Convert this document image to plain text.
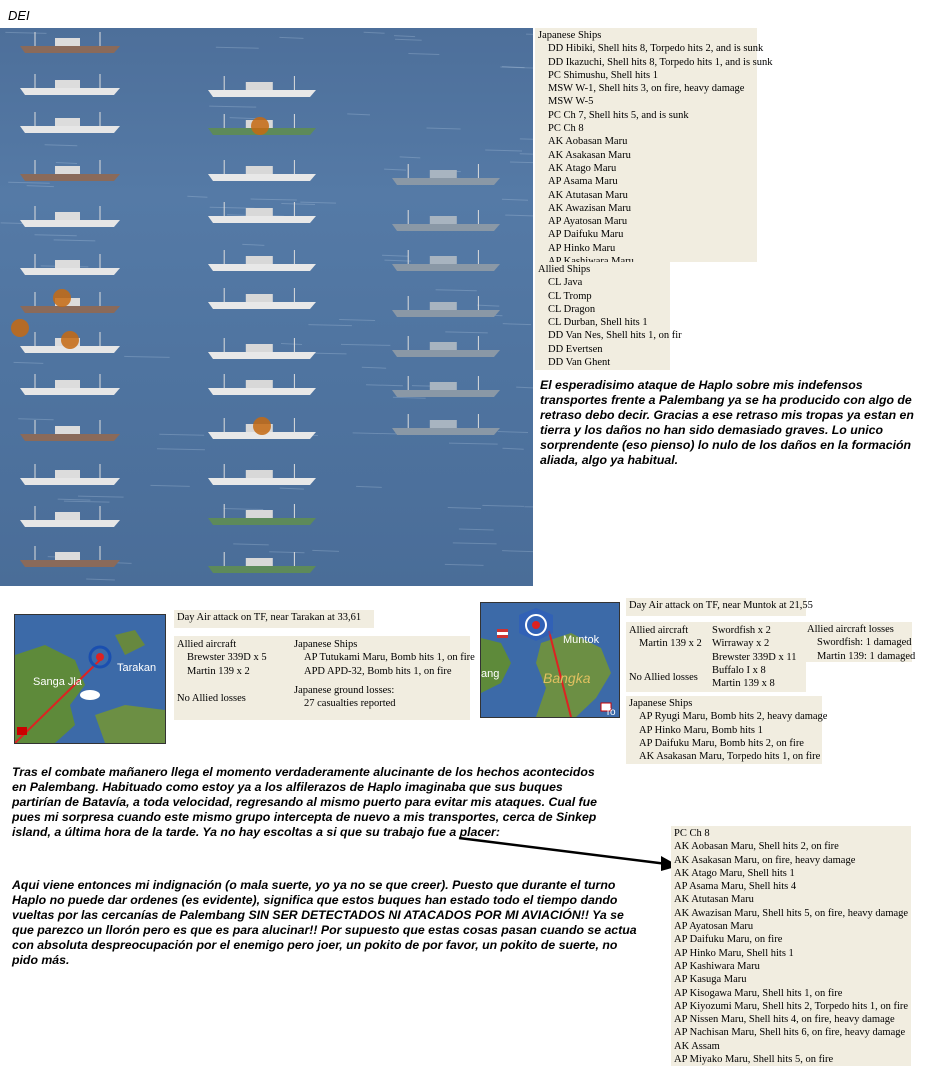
DEI
Japanese Ships
DD Hibiki, Shell hits 8, Torpedo hits 2, and is sunk
DD Ikazuchi, Shell hits 8, Torpedo hits 1, and is sunk
PC Shimushu, Shell hits 1
MSW W-1, Shell hits 3, on fire, heavy damage
MSW W-5
PC Ch 7, Shell hits 5, and is sunk
PC Ch 8
AK Aobasan Maru
AK Asakasan Maru
AK Atago Maru
AP Asama Maru
AK Atutasan Maru
AK Awazisan Maru
AP Ayatosan Maru
AP Daifuku Maru
AP Hinko Maru
Allied Ships
CL Java
CL Tromp
CL Dragon
CL Durban, Shell hits 1
DD Van Nes, Shell hits 1, on fir
DD Evertsen
DD Van Ghent
El esperadisimo ataque de Haplo sobre mis indefensos transportes frente a Palembang ya se ha producido con algo de retraso debo decir. Gracias a ese retraso mis tropas ya estan en tierra y los daños no han sido demasiado graves. Lo unico sorprendente (eso pienso) lo nulo de los daños en la formación aliada, algo ya habitual.
Tarakan
Sanga Jla
Day Air attack on TF, near Tarakan at 33,61
Allied aircraft
Brewster 339D x 5
Martin 139 x 2
No Allied losses
Japanese Ships
AP Tutukami Maru, Bomb hits 1, on fire
APD APD-32, Bomb hits 1, on fire
Japanese ground losses:
27 casualties reported
Muntok
Bangka
ang
To
Day Air attack on TF, near Muntok at 21,55
Allied aircraft
Martin 139 x 2
No Allied losses
Swordfish x 2
Wirraway x 2
Brewster 339D x 11
Buffalo I x 8
Martin 139 x 8
Allied aircraft losses
Swordfish: 1 damaged
Martin 139: 1 damaged
Japanese Ships
AP Ryugi Maru, Bomb hits 2, heavy damage
AP Hinko Maru, Bomb hits 1
AP Daifuku Maru, Bomb hits 2, on fire
AK Asakasan Maru, Torpedo hits 1, on fire
Tras el combate mañanero llega el momento verdaderamente alucinante de los hechos acontecidos en Palembang. Habituado como estoy ya a los alfilerazos de Haplo imaginaba que sus buques partirían de Batavía, a toda velocidad, regresando al mismo puerto para evitar mis ataques. Cual fue pues mi sorpresa cuando este mismo grupo intercepta de nuevo a mis transportes, cerca de Sinkep island, a última hora de la tarde. Ya no hay escoltas a si que su trabajo fue a placer:
Aqui viene entonces mi indignación (o mala suerte, yo ya no se que creer). Puesto que durante el turno Haplo no puede dar ordenes (es evidente), significa que estos buques han estado todo el tiempo dando vueltas por las cercanías de Palembang SIN SER DETECTADOS NI ATACADOS POR MI AVIACIÓN!! Ya se que parezco un llorón pero es que es para alucinar!! Por supuesto que estas cosas pasan cuando se actua con absoluta despreocupación por el enemigo pero joer, un pokito de por favor, un pokito de suerte, no pido más.
PC Ch 8
AK Aobasan Maru, Shell hits 2, on fire
AK Asakasan Maru, on fire, heavy damage
AK Atago Maru, Shell hits 1
AP Asama Maru, Shell hits 4
AK Atutasan Maru
AK Awazisan Maru, Shell hits 5, on fire, heavy damage
AP Ayatosan Maru
AP Daifuku Maru, on fire
AP Hinko Maru, Shell hits 1
AP Kashiwara Maru
AP Kasuga Maru
AP Kisogawa Maru, Shell hits 1, on fire
AP Kiyozumi Maru, Shell hits 2, Torpedo hits 1, on fire
AP Nissen Maru, Shell hits 4, on fire, heavy damage
AP Nachisan Maru, Shell hits 6, on fire, heavy damage
AK Assam
AP Miyako Maru, Shell hits 5, on fire
